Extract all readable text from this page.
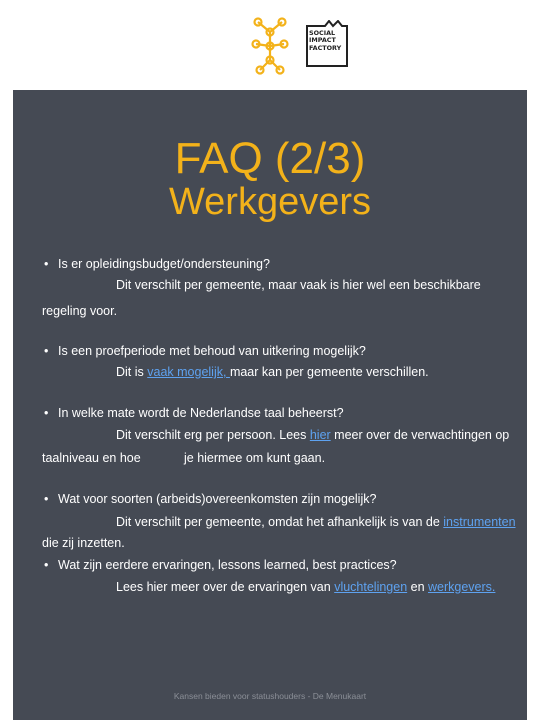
SOCIAL
IMPACT
FACTORY
FAQ (2/3)
Werkgevers
• Is er opleidingsbudget/ondersteuning?
Dit verschilt per gemeente, maar vaak is hier wel een beschikbare
regeling voor.
• Is een proefperiode met behoud van uitkering mogelijk?
Dit is vaak mogelijk, maar kan per gemeente verschillen.
• In welke mate wordt de Nederlandse taal beheerst?
Dit verschilt erg per persoon. Lees hier meer over de verwachtingen op
taalniveau en hoe	je hiermee om kunt gaan.
• Wat voor soorten (arbeids)overeenkomsten zijn mogelijk?
Dit verschilt per gemeente, omdat het afhankelijk is van de instrumenten
die zij inzetten.
• Wat zijn eerdere ervaringen, lessons learned, best practices?
Lees hier meer over de ervaringen van vluchtelingen en werkgevers.
Kansen bieden voor statushouders - De Menukaart
